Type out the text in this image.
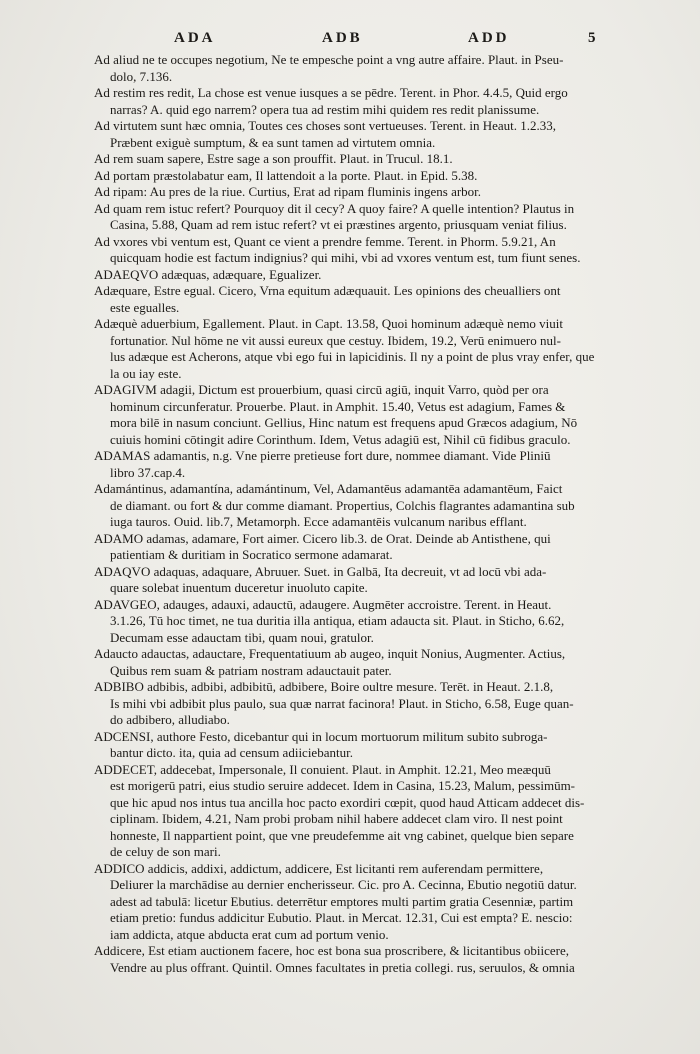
ADA	ADB	ADD	5
Ad aliud ne te occupes negotium, Ne te empesche point a vng autre affaire. Plaut. in Pseu-
dolo, 7.136.
Ad restim res redit, La chose est venue iusques a se pēdre. Terent. in Phor. 4.4.5, Quid ergo
narras? A. quid ego narrem? opera tua ad restim mihi quidem res redit planissume.
Ad virtutem sunt hæc omnia, Toutes ces choses sont vertueuses. Terent. in Heaut. 1.2.33,
Præbent exiguè sumptum, & ea sunt tamen ad virtutem omnia.
Ad rem suam sapere, Estre sage a son prouffit. Plaut. in Trucul. 18.1.
Ad portam præstolabatur eam, Il lattendoit a la porte. Plaut. in Epid. 5.38.
Ad ripam: Au pres de la riue. Curtius, Erat ad ripam fluminis ingens arbor.
Ad quam rem istuc refert? Pourquoy dit il cecy? A quoy faire? A quelle intention? Plautus in
Casina, 5.88, Quam ad rem istuc refert? vt ei præstines argento, priusquam veniat filius.
Ad vxores vbi ventum est, Quant ce vient a prendre femme. Terent. in Phorm. 5.9.21, An
quicquam hodie est factum indignius? qui mihi, vbi ad vxores ventum est, tum fiunt senes.
ADAEQVO adæquas, adæquare, Egualizer.
Adæquare, Estre egual. Cicero, Vrna equitum adæquauit. Les opinions des cheualliers ont
este egualles.
Adæquè aduerbium, Egallement. Plaut. in Capt. 13.58, Quoi hominum adæquè nemo viuit
fortunatior. Nul hōme ne vit aussi eureux que cestuy. Ibidem, 19.2, Verū enimuero nul-
lus adæque est Acherons, atque vbi ego fui in lapicidinis. Il ny a point de plus vray enfer, que
la ou iay este.
ADAGIVM adagii, Dictum est prouerbium, quasi circū agiū, inquit Varro, quòd per ora
hominum circunferatur. Prouerbe. Plaut. in Amphit. 15.40, Vetus est adagium, Fames &
mora bilē in nasum conciunt. Gellius, Hinc natum est frequens apud Græcos adagium, Nō
cuiuis homini cōtingit adire Corinthum. Idem, Vetus adagiū est, Nihil cū fidibus graculo.
ADAMAS adamantis, n.g. Vne pierre pretieuse fort dure, nommee diamant. Vide Pliniū
libro 37.cap.4.
Adamántinus, adamantína, adamántinum, Vel, Adamantēus adamantēa adamantēum, Faict
de diamant. ou fort & dur comme diamant. Propertius, Colchis flagrantes adamantina sub
iuga tauros. Ouid. lib.7, Metamorph. Ecce adamantēis vulcanum naribus efflant.
ADAMO adamas, adamare, Fort aimer. Cicero lib.3. de Orat. Deinde ab Antisthene, qui
patientiam & duritiam in Socratico sermone adamarat.
ADAQVO adaquas, adaquare, Abruuer. Suet. in Galbā, Ita decreuit, vt ad locū vbi ada-
quare solebat inuentum duceretur inuoluto capite.
ADAVGEO, adauges, adauxi, adauctū, adaugere. Augmēter accroistre. Terent. in Heaut.
3.1.26, Tū hoc timet, ne tua duritia illa antiqua, etiam adaucta sit. Plaut. in Sticho, 6.62,
Decumam esse adauctam tibi, quam noui, gratulor.
Adaucto adauctas, adauctare, Frequentatiuum ab augeo, inquit Nonius, Augmenter. Actius,
Quibus rem suam & patriam nostram adauctauit pater.
ADBIBO adbibis, adbibi, adbibitū, adbibere, Boire oultre mesure. Terēt. in Heaut. 2.1.8,
Is mihi vbi adbibit plus paulo, sua quæ narrat facinora! Plaut. in Sticho, 6.58, Euge quan-
do adbibero, alludiabo.
ADCENSI, authore Festo, dicebantur qui in locum mortuorum militum subito subroga-
bantur dicto. ita, quia ad censum adiiciebantur.
ADDECET, addecebat, Impersonale, Il conuient. Plaut. in Amphit. 12.21, Meo meæquū
est morigerū patri, eius studio seruire addecet. Idem in Casina, 15.23, Malum, pessimūm-
que hic apud nos intus tua ancilla hoc pacto exordiri cœpit, quod haud Atticam addecet dis-
ciplinam. Ibidem, 4.21, Nam probi probam nihil habere addecet clam viro. Il nest point
honneste, Il nappartient point, que vne preudefemme ait vng cabinet, quelque bien separe
de celuy de son mari.
ADDICO addicis, addixi, addictum, addicere, Est licitanti rem auferendam permittere,
Deliurer la marchādise au dernier encherisseur. Cic. pro A. Cecinna, Ebutio negotiū datur.
adest ad tabulā: licetur Ebutius. deterrētur emptores multi partim gratia Cesenniæ, partim
etiam pretio: fundus addicitur Eubutio. Plaut. in Mercat. 12.31, Cui est empta? E. nescio:
iam addicta, atque abducta erat cum ad portum venio.
Addicere, Est etiam auctionem facere, hoc est bona sua proscribere, & licitantibus obiicere,
Vendre au plus offrant. Quintil. Omnes facultates in pretia collegi. rus, seruulos, & omnia
